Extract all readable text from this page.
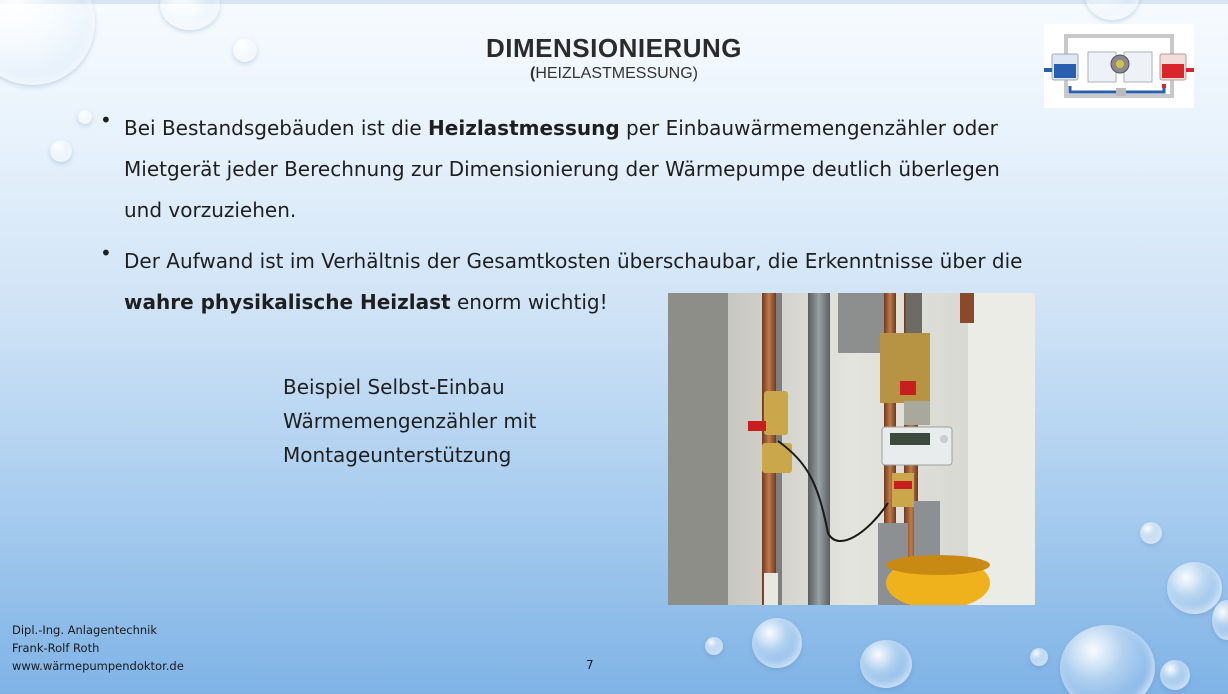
DIMENSIONIERUNG
(HEIZLASTMESSUNG)
• Bei Bestandsgebäuden ist die Heizlastmessung per Einbauwärmemengenzähler oder
Mietgerät jeder Berechnung zur Dimensionierung der Wärmepumpe deutlich überlegen
und vorzuziehen.
• Der Aufwand ist im Verhältnis der Gesamtkosten überschaubar, die Erkenntnisse über die
wahre physikalische Heizlast enorm wichtig!
Beispiel Selbst-Einbau
Wärmemengenzähler mit
Montageunterstützung
Dipl.-Ing. Anlagentechnik
Frank-Rolf Roth
www.wärmepumpendoktor.de	7
